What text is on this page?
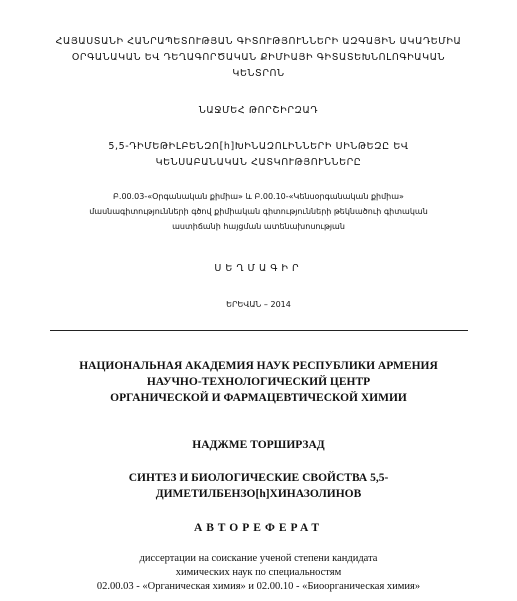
ՀԱՅԱՍՏԱՆԻ ՀԱՆՐԱՊԵՏՈՒԹՅԱՆ ԳԻՏՈՒԹՅՈՒՆՆԵՐԻ ԱԶԳԱՅԻՆ ԱԿԱԴԵՄԻԱ
ՕՐԳԱՆԱԿԱՆ ԵՎ ԴԵՂԱԳՈՐԾԱԿԱՆ ՔԻՄԻԱՅԻ ԳԻՏԱՏԵԽՆՈԼՈԳԻԱԿԱՆ
ԿԵՆՏՐՈՆ
ՆԱՋՄԵՀ ԹՈՐՇԻՐԶԱԴ
5,5-ԴԻՄԵԹԻԼԲԵՆԶՈ[h]ԽԻՆԱԶՈԼԻՆՆԵՐԻ ՍԻՆԹԵԶԸ ԵՎ
ԿԵՆՍԱԲԱՆԱԿԱՆ ՀԱՏԿՈՒԹՅՈՒՆՆԵՐԸ
Բ.00.03-«Օրգանական քիմիա» և Բ.00.10-«Կենսօրգանական քիմիա»
մասնագիտությունների գծով քիմիական գիտությունների թեկնածուի գիտական
աստիճանի հայցման ատենախոսության
ՍԵՂՄԱԳԻՐ
ԵՐԵՎԱՆ – 2014
НАЦИОНАЛЬНАЯ АКАДЕМИЯ НАУК РЕСПУБЛИКИ АРМЕНИЯ
НАУЧНО-ТЕХНОЛОГИЧЕСКИЙ ЦЕНТР
ОРГАНИЧЕСКОЙ И ФАРМАЦЕВТИЧЕСКОЙ ХИМИИ
НАДЖМЕ ТОРШИРЗАД
СИНТЕЗ И БИОЛОГИЧЕСКИЕ СВОЙСТВА 5,5-
ДИМЕТИЛБЕНЗО[h]ХИНАЗОЛИНОВ
АВТОРЕФЕРАТ
диссертации на соискание ученой степени кандидата
химических наук по специальностям
02.00.03 - «Органическая химия» и 02.00.10 - «Биоорганическая химия»
